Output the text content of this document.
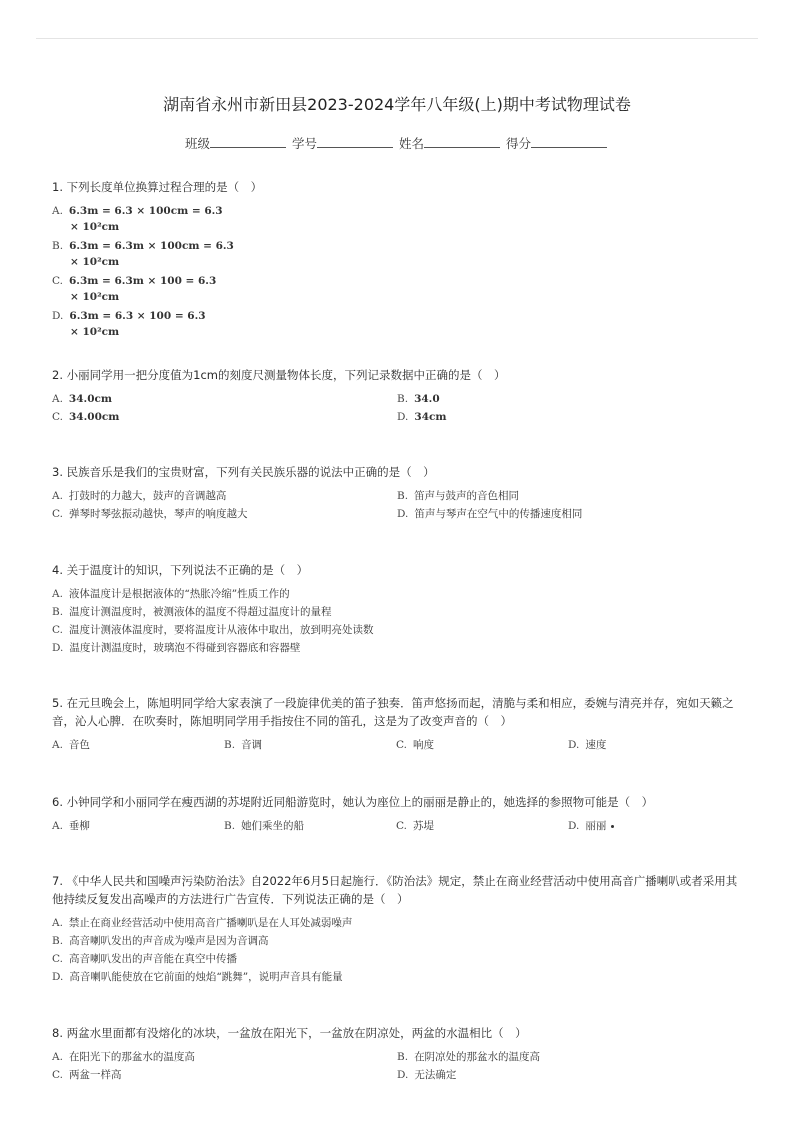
湖南省永州市新田县2023-2024学年八年级(上)期中考试物理试卷
班级	学号	姓名	得分
1. 下列长度单位换算过程合理的是（　）
A. 6.3m = 6.3 × 100cm = 6.3
× 10²cm
B. 6.3m = 6.3m × 100cm = 6.3
× 10²cm
C. 6.3m = 6.3m × 100 = 6.3
× 10²cm
D. 6.3m = 6.3 × 100 = 6.3
× 10²cm
2. 小丽同学用一把分度值为1cm的刻度尺测量物体长度，下列记录数据中正确的是（　）
A. 34.0cm	B. 34.0
C. 34.00cm	D. 34cm
3. 民族音乐是我们的宝贵财富，下列有关民族乐器的说法中正确的是（　）
A. 打鼓时的力越大，鼓声的音调越高	B. 笛声与鼓声的音色相同
C. 弹琴时琴弦振动越快，琴声的响度越大	D. 笛声与琴声在空气中的传播速度相同
4. 关于温度计的知识，下列说法不正确的是（　）
A. 液体温度计是根据液体的“热胀冷缩”性质工作的
B. 温度计测温度时，被测液体的温度不得超过温度计的量程
C. 温度计测液体温度时，要将温度计从液体中取出，放到明亮处读数
D. 温度计测温度时，玻璃泡不得碰到容器底和容器壁
5. 在元旦晚会上，陈旭明同学给大家表演了一段旋律优美的笛子独奏．笛声悠扬而起，清脆与柔和相应，委婉与清亮并存，宛如天籁之音，沁人心脾．在吹奏时，陈旭明同学用手指按住不同的笛孔，这是为了改变声音的（　）
A. 音色	B. 音调	C. 响度	D. 速度
6. 小钟同学和小丽同学在瘦西湖的苏堤附近同船游览时，她认为座位上的丽丽是静止的，她选择的参照物可能是（　）
A. 垂柳	B. 她们乘坐的船	C. 苏堤	D. 丽丽
7. 《中华人民共和国噪声污染防治法》自2022年6月5日起施行．《防治法》规定，禁止在商业经营活动中使用高音广播喇叭或者采用其他持续反复发出高噪声的方法进行广告宣传．下列说法正确的是（　）
A. 禁止在商业经营活动中使用高音广播喇叭是在人耳处减弱噪声
B. 高音喇叭发出的声音成为噪声是因为音调高
C. 高音喇叭发出的声音能在真空中传播
D. 高音喇叭能使放在它前面的烛焰“跳舞”，说明声音具有能量
8. 两盆水里面都有没熔化的冰块，一盆放在阳光下，一盆放在阴凉处，两盆的水温相比（　）
A. 在阳光下的那盆水的温度高	B. 在阴凉处的那盆水的温度高
C. 两盆一样高	D. 无法确定
